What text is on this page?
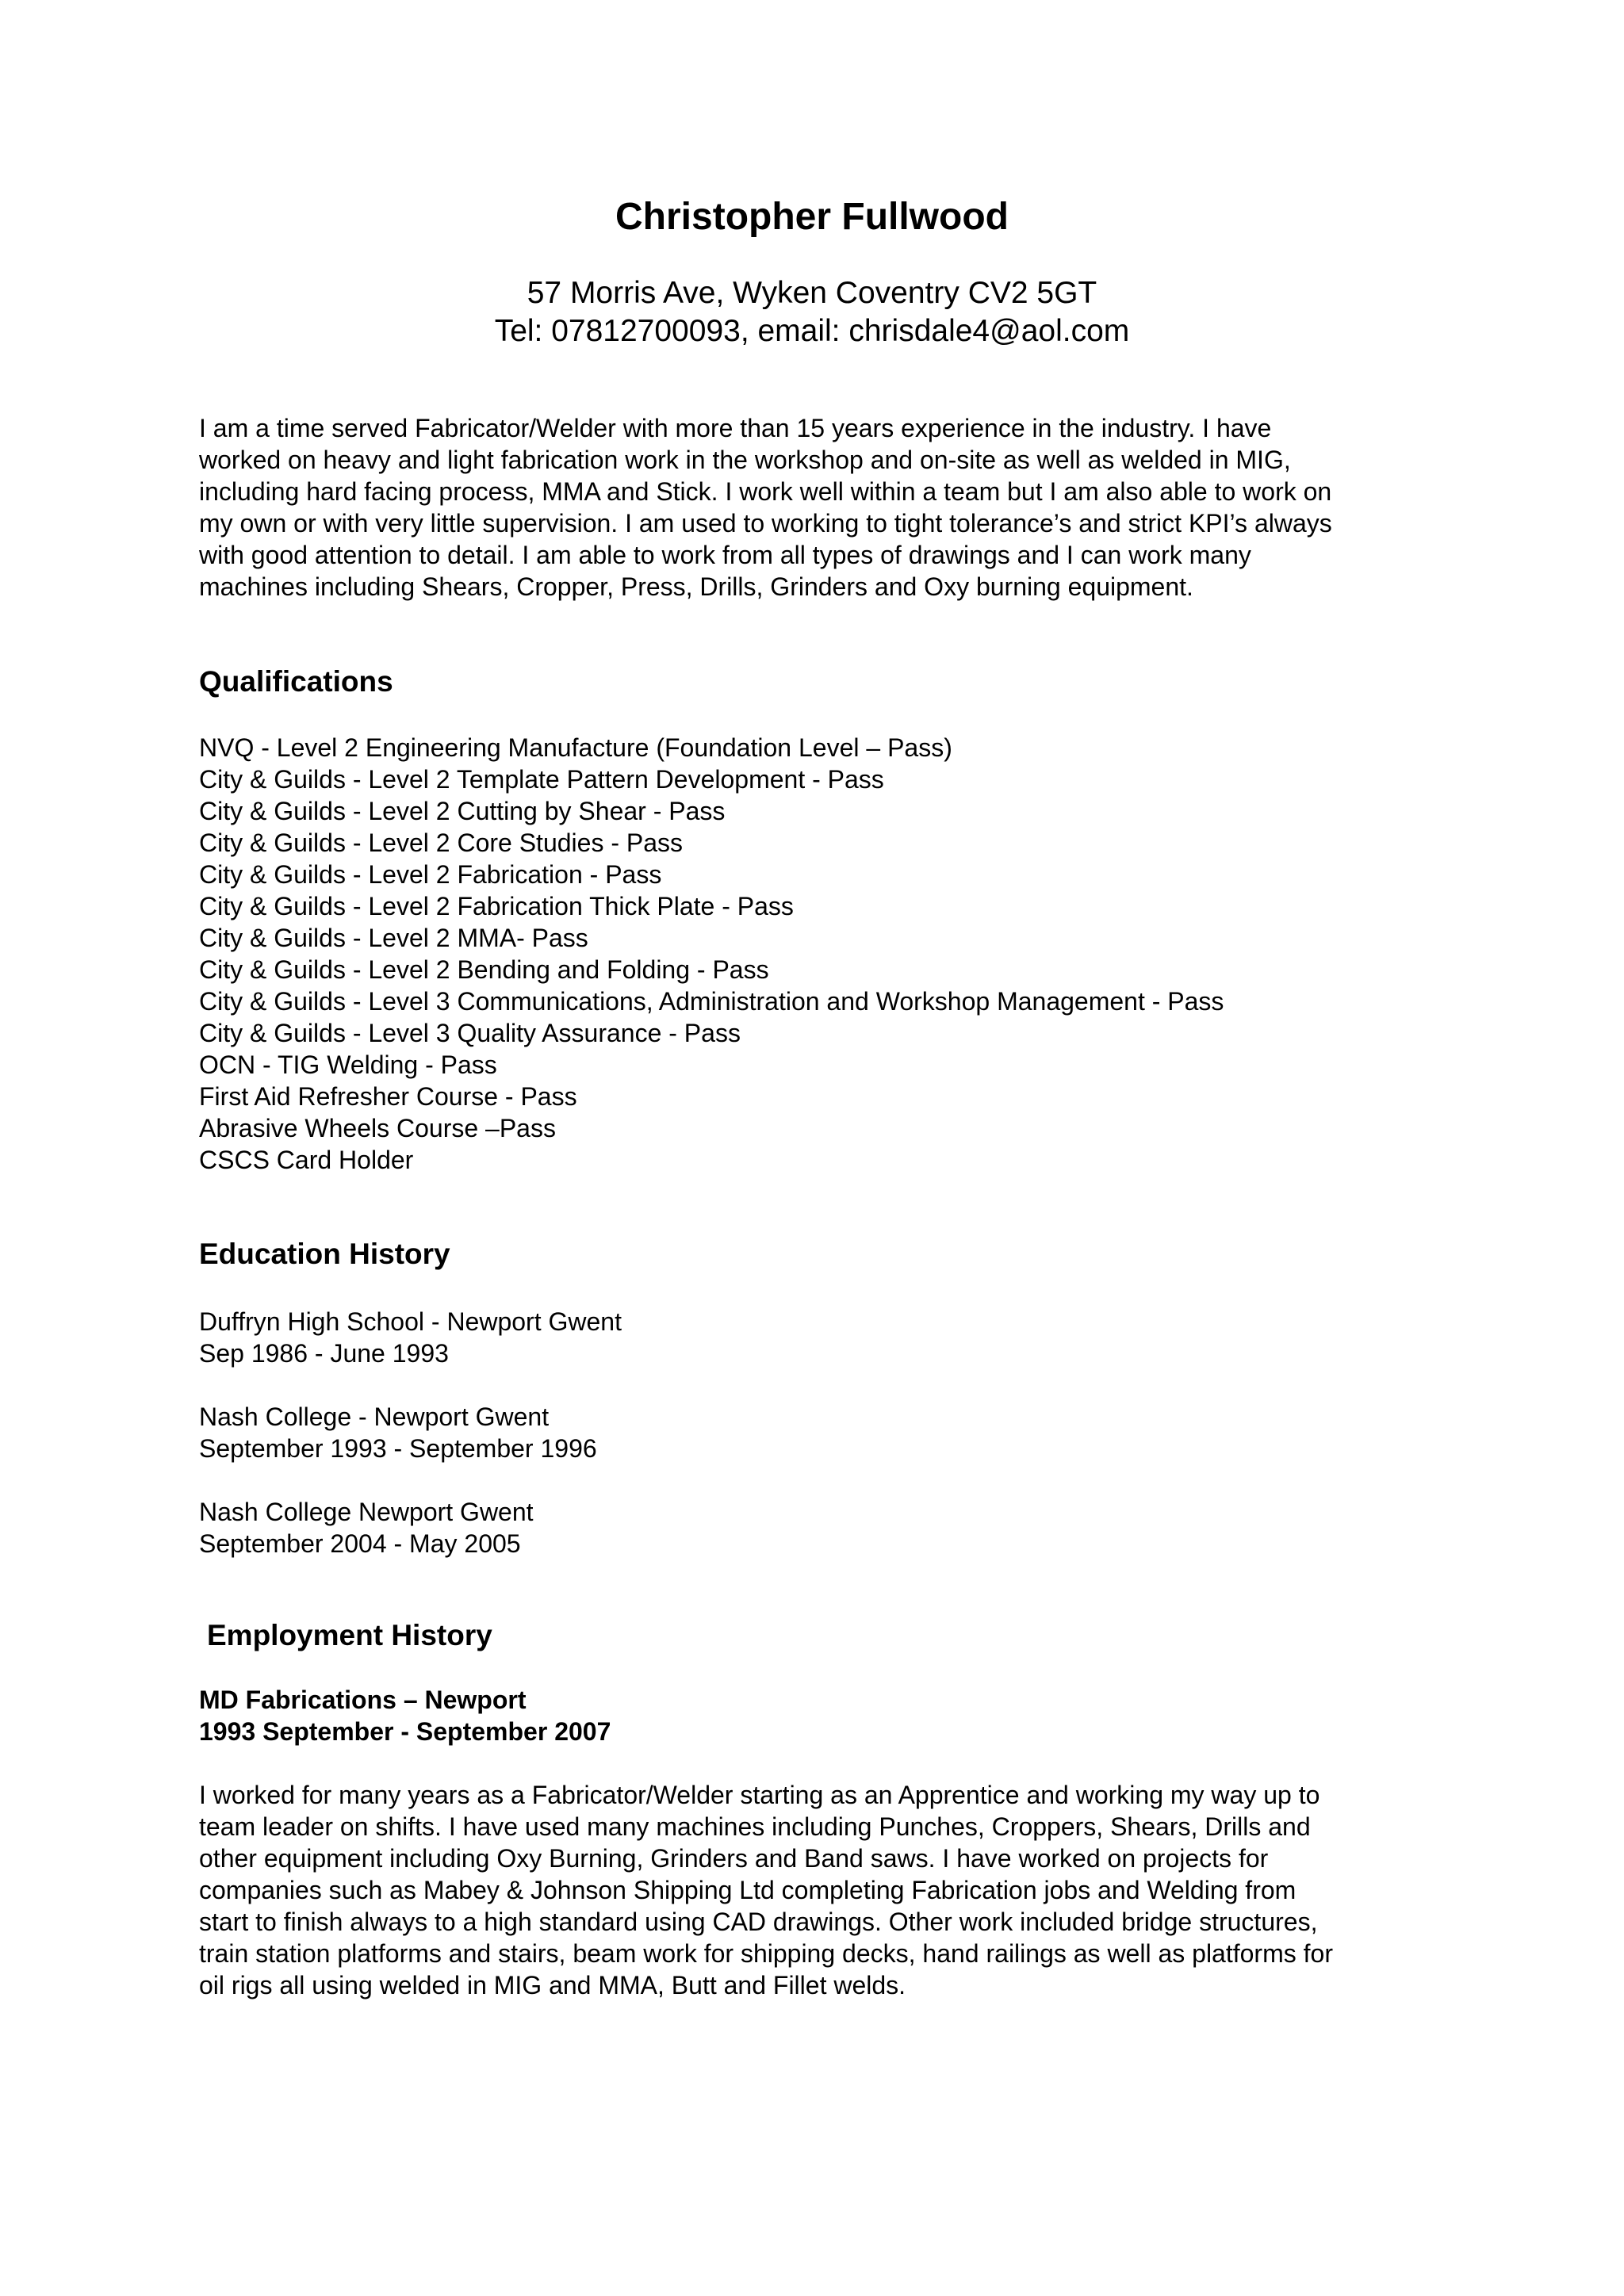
Christopher Fullwood
57 Morris Ave, Wyken Coventry CV2 5GT
Tel: 07812700093, email: chrisdale4@aol.com
I am a time served Fabricator/Welder with more than 15 years experience in the industry. I have
worked on heavy and light fabrication work in the workshop and on-site as well as welded in MIG,
including hard facing process, MMA and Stick. I work well within a team but I am also able to work on
my own or with very little supervision. I am used to working to tight tolerance’s and strict KPI’s always
with good attention to detail. I am able to work from all types of drawings and I can work many
machines including Shears, Cropper, Press, Drills, Grinders and Oxy burning equipment.
Qualifications
NVQ - Level 2 Engineering Manufacture (Foundation Level – Pass)
City & Guilds - Level 2 Template Pattern Development - Pass
City & Guilds - Level 2 Cutting by Shear - Pass
City & Guilds - Level 2 Core Studies - Pass
City & Guilds - Level 2 Fabrication - Pass
City & Guilds - Level 2 Fabrication Thick Plate - Pass
City & Guilds - Level 2 MMA- Pass
City & Guilds - Level 2 Bending and Folding - Pass
City & Guilds - Level 3 Communications, Administration and Workshop Management - Pass
City & Guilds - Level 3 Quality Assurance - Pass
OCN - TIG Welding - Pass
First Aid Refresher Course - Pass
Abrasive Wheels Course –Pass
CSCS Card Holder
Education History
Duffryn High School - Newport Gwent
Sep 1986 - June 1993
Nash College - Newport Gwent
September 1993 - September 1996
Nash College Newport Gwent
September 2004 - May 2005
Employment History
MD Fabrications – Newport
1993 September - September 2007
I worked for many years as a Fabricator/Welder starting as an Apprentice and working my way up to
team leader on shifts. I have used many machines including Punches, Croppers, Shears, Drills and
other equipment including Oxy Burning, Grinders and Band saws. I have worked on projects for
companies such as Mabey & Johnson Shipping Ltd completing Fabrication jobs and Welding from
start to finish always to a high standard using CAD drawings. Other work included bridge structures,
train station platforms and stairs, beam work for shipping decks, hand railings as well as platforms for
oil rigs all using welded in MIG and MMA, Butt and Fillet welds.
